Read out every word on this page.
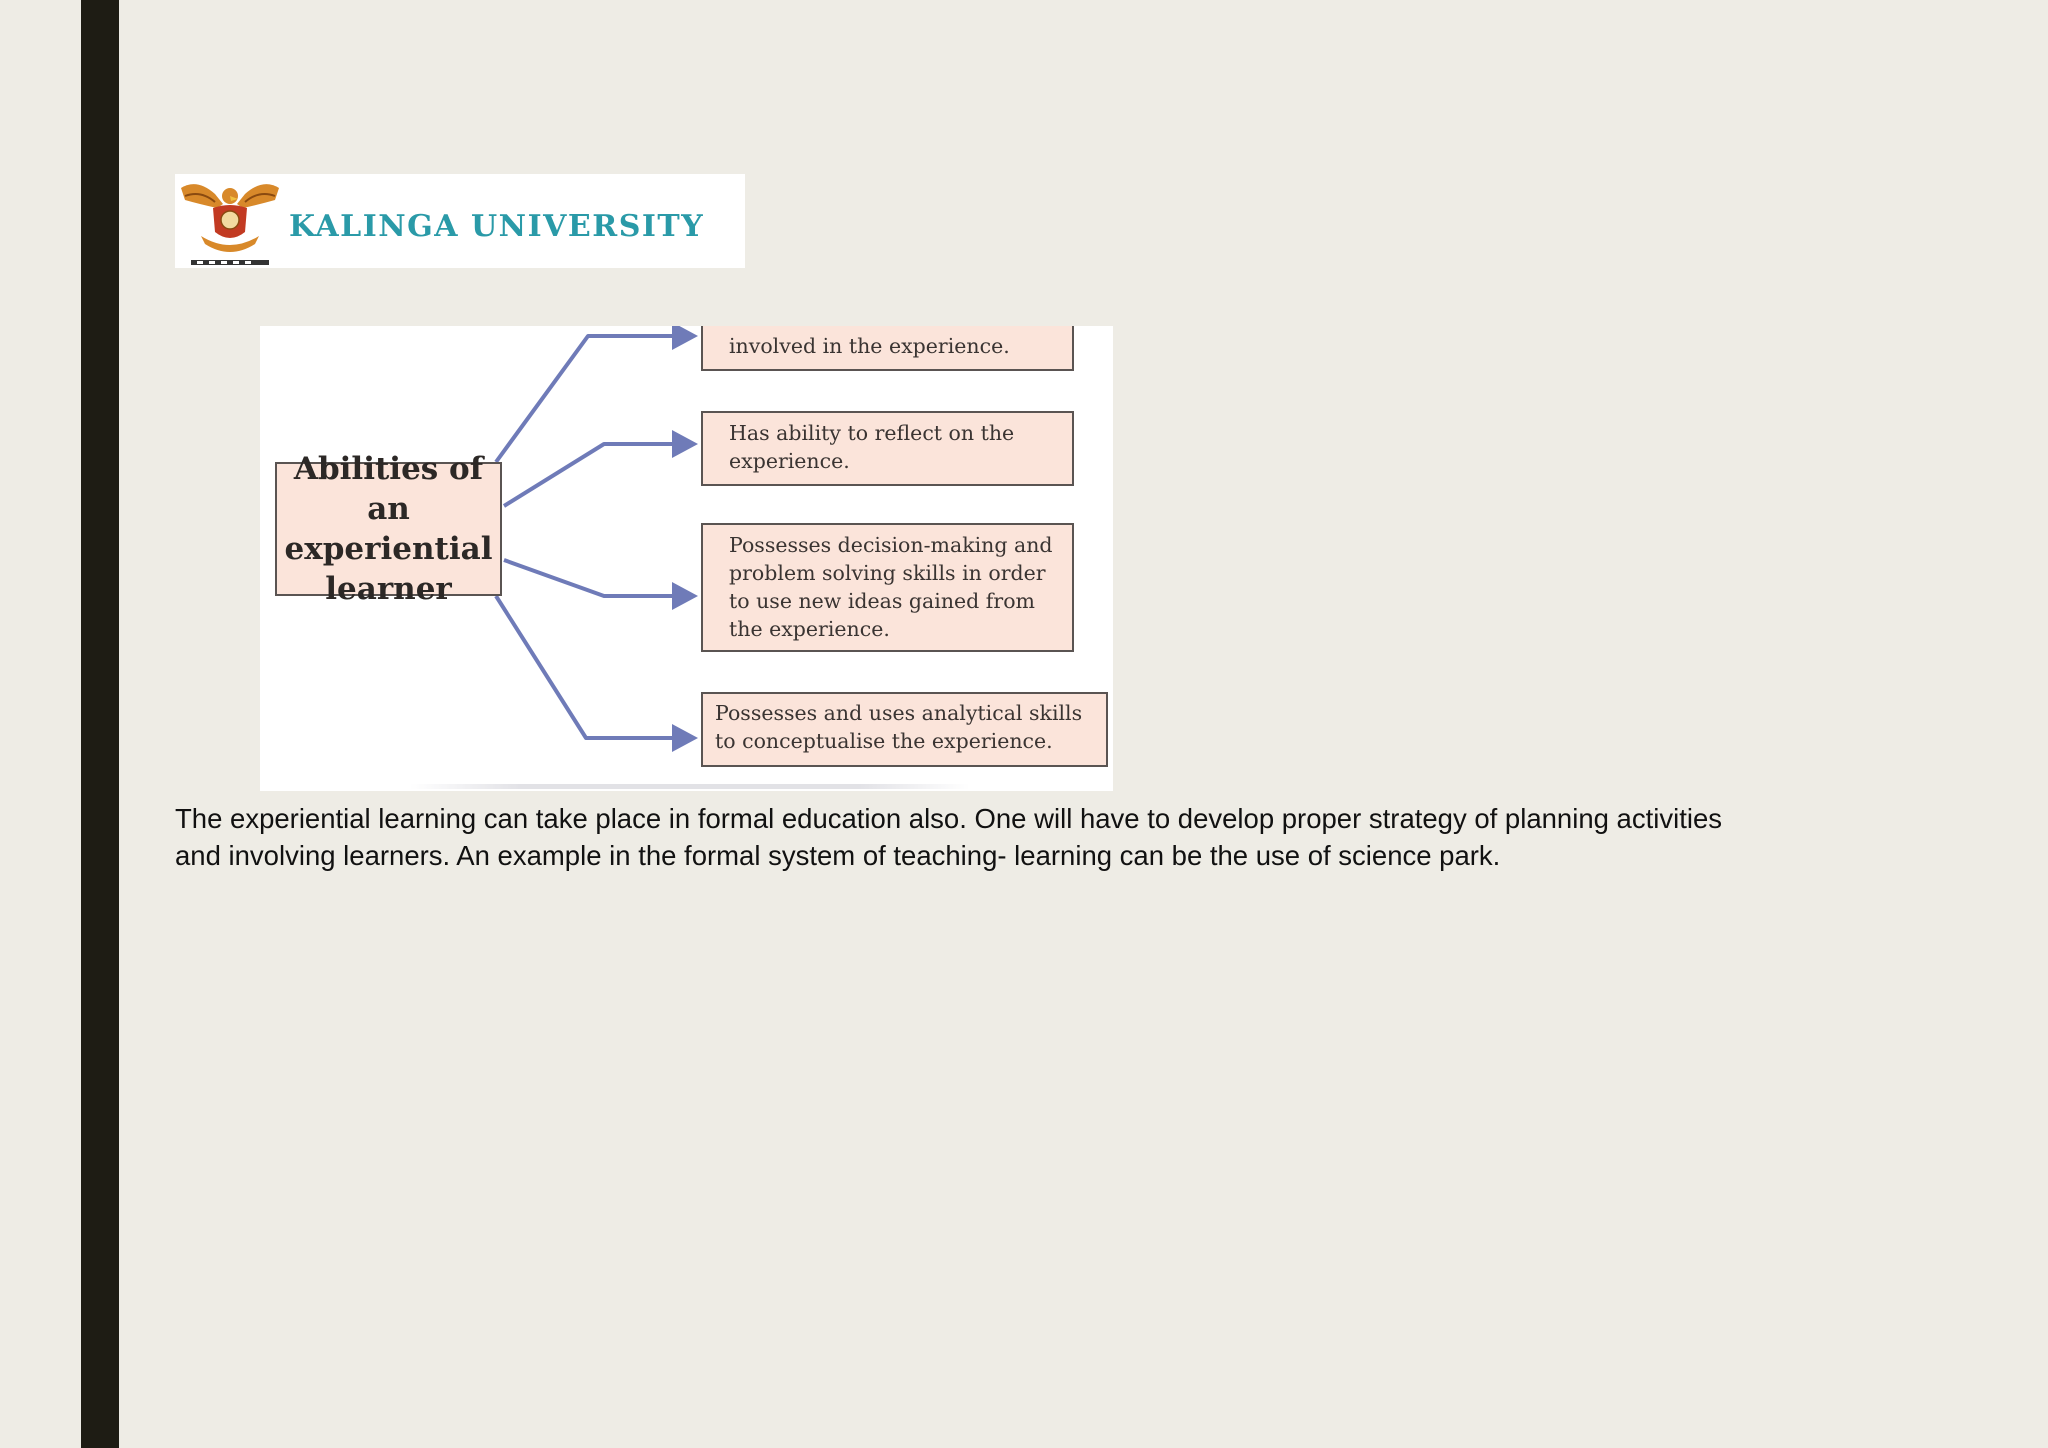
KALINGA UNIVERSITY
Abilities of an
experiential
learner
involved in the experience.
Has ability to reflect on the
experience.
Possesses decision-making and
problem solving skills in order
to use new ideas gained from
the experience.
Possesses and uses analytical skills
to conceptualise the experience.

The experiential learning can take place in formal education also. One will have to develop proper strategy of planning activities
and involving learners. An example in the formal system of teaching- learning can be the use of science park.
